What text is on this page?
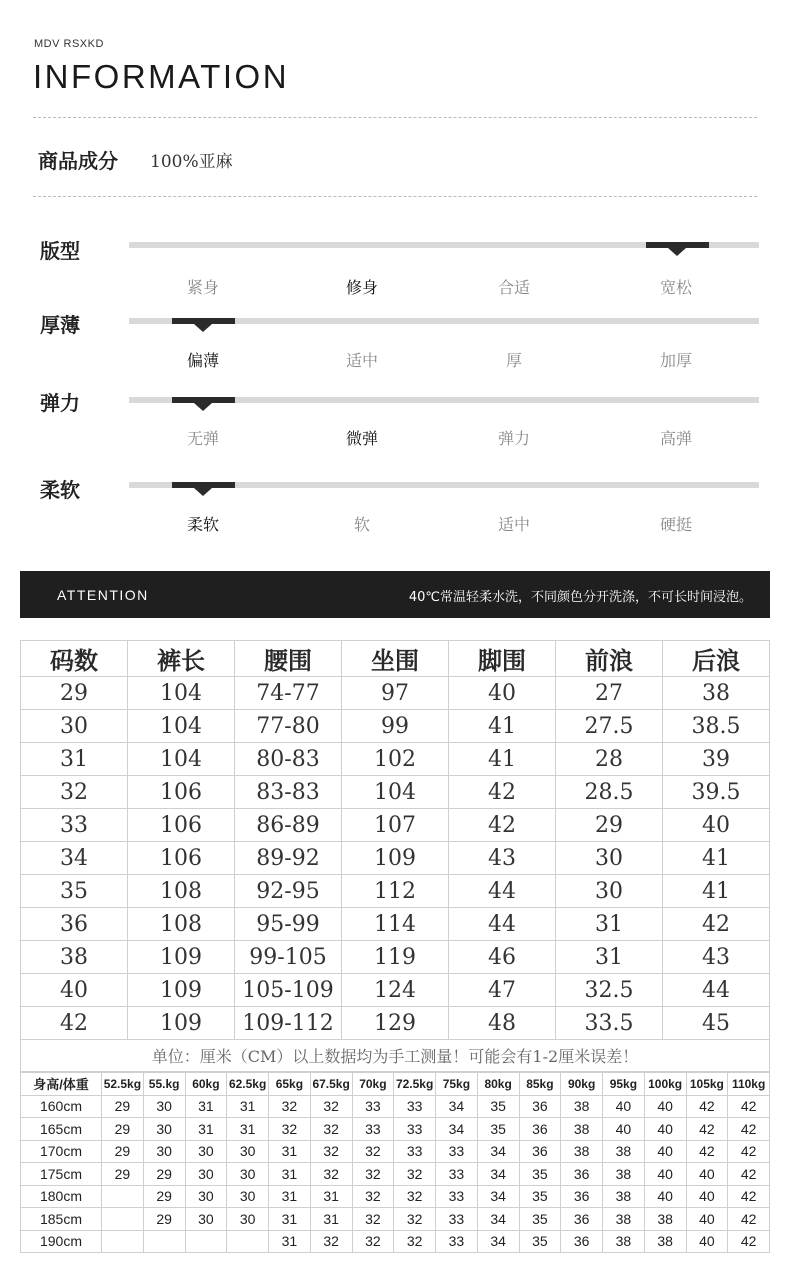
MDV RSXKD
INFORMATION
商品成分 100%亚麻
版型
紧身	修身	合适	宽松
厚薄
偏薄	适中	厚	加厚
弹力
无弹	微弹	弹力	高弹
柔软
柔软	软	适中	硬挺
ATTENTION	40℃常温轻柔水洗，不同颜色分开洗涤，不可长时间浸泡。
码数	裤长	腰围	坐围	脚围	前浪	后浪
29	104	74-77	97	40	27	38
30	104	77-80	99	41	27.5	38.5
31	104	80-83	102	41	28	39
32	106	83-83	104	42	28.5	39.5
33	106	86-89	107	42	29	40
34	106	89-92	109	43	30	41
35	108	92-95	112	44	30	41
36	108	95-99	114	44	31	42
38	109	99-105	119	46	31	43
40	109	105-109	124	47	32.5	44
42	109	109-112	129	48	33.5	45
单位：厘米（CM）以上数据均为手工测量！可能会有1-2厘米误差！						
身高/体重	52.5kg	55.kg	60kg	62.5kg	65kg	67.5kg	70kg	72.5kg	75kg	80kg	85kg	90kg	95kg	100kg	105kg	110kg
160cm	29	30	31	31	32	32	33	33	34	35	36	38	40	40	42	42
165cm	29	30	31	31	32	32	33	33	34	35	36	38	40	40	42	42
170cm	29	30	30	30	31	32	32	33	33	34	36	38	38	40	42	42
175cm	29	29	30	30	31	32	32	32	33	34	35	36	38	40	40	42
180cm		29	30	30	31	31	32	32	33	34	35	36	38	40	40	42
185cm		29	30	30	31	31	32	32	33	34	35	36	38	38	40	42
190cm					31	32	32	32	33	34	35	36	38	38	40	42
